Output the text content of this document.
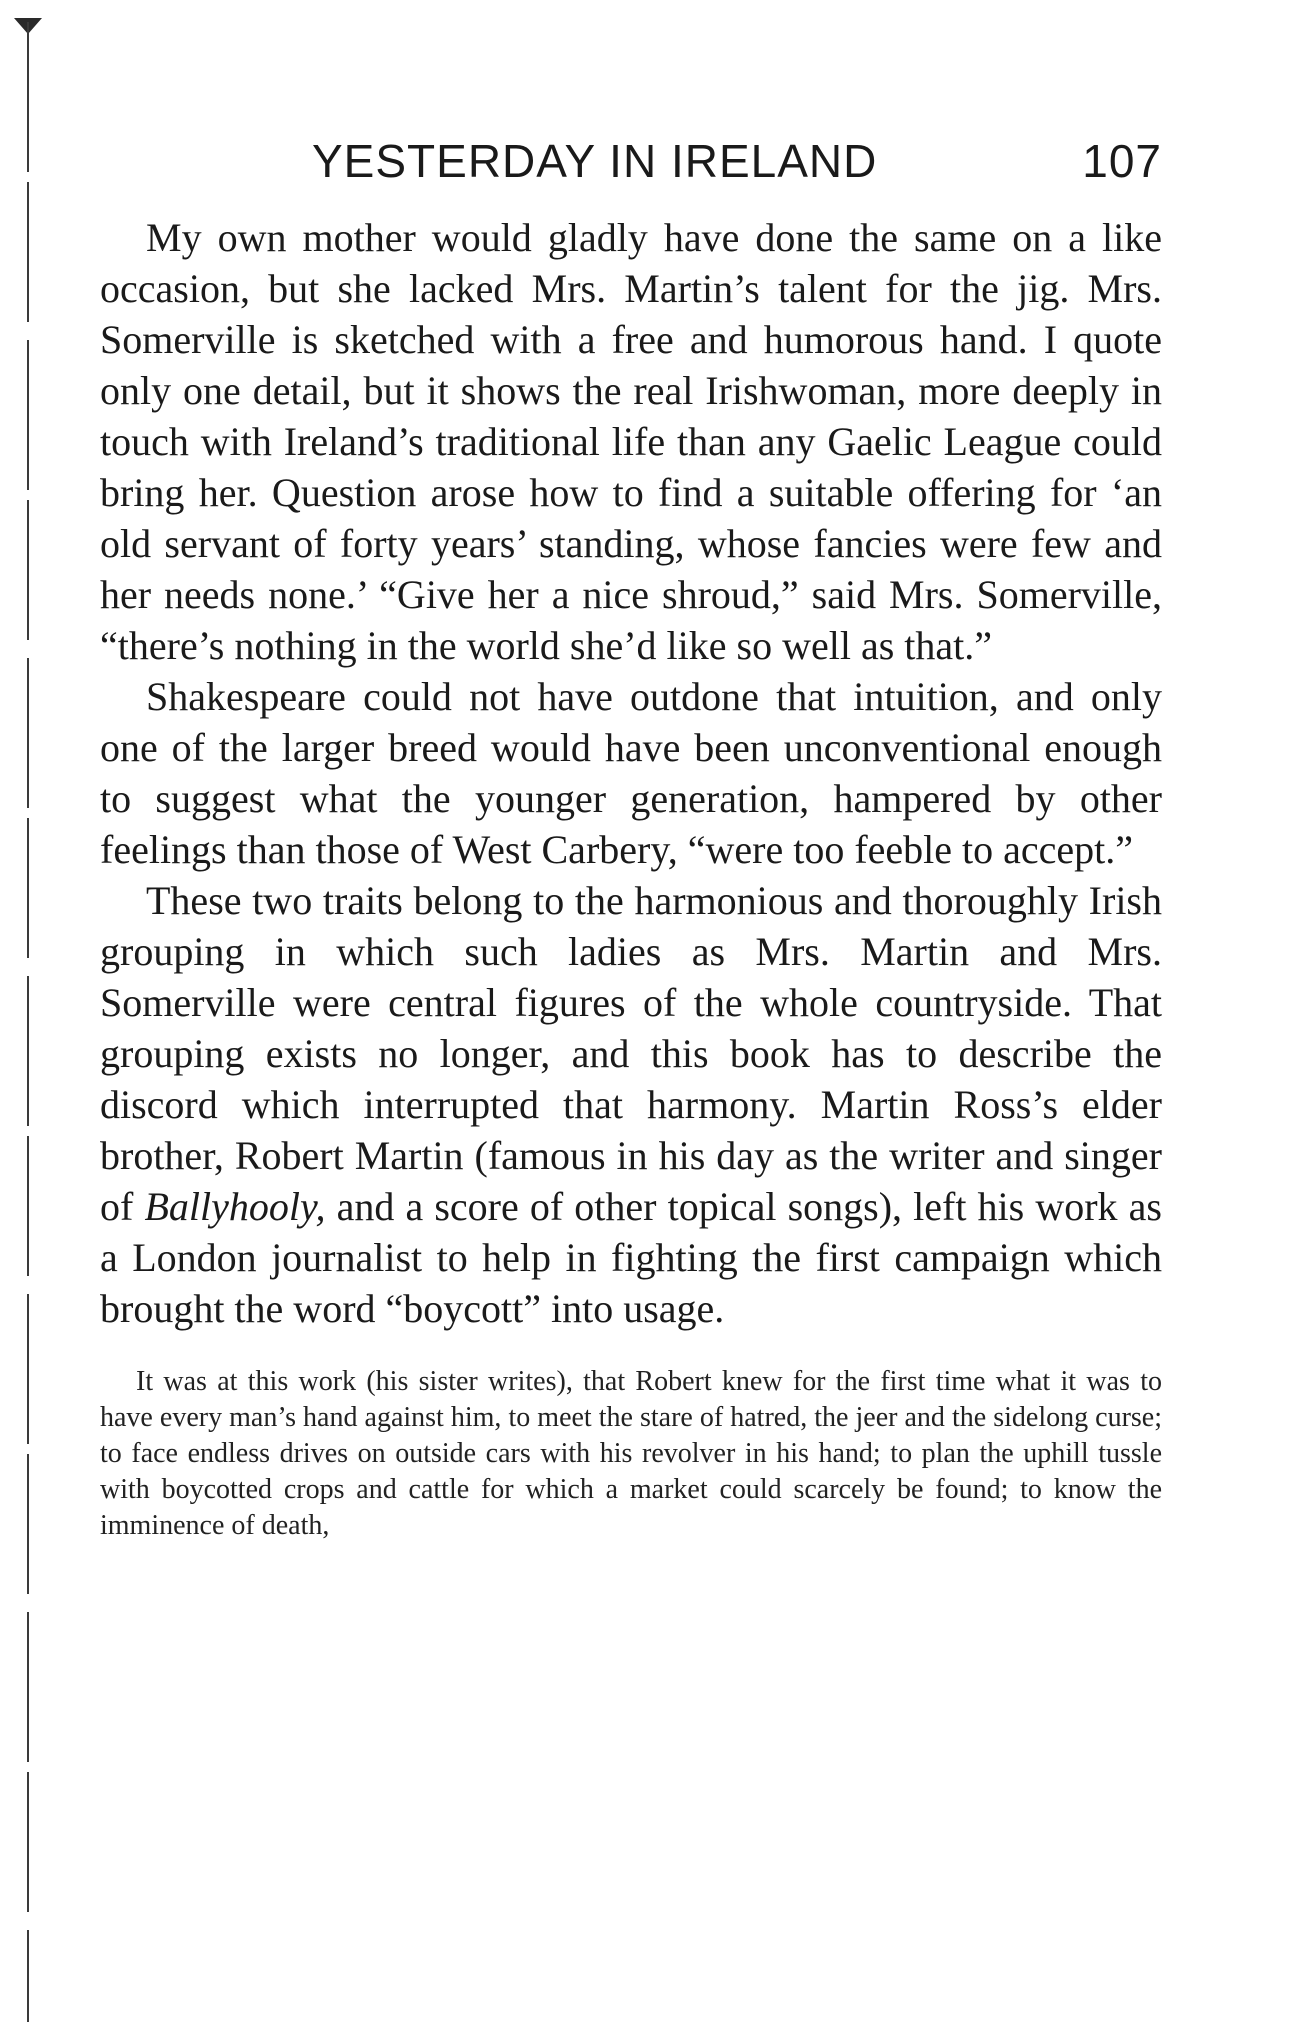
YESTERDAY IN IRELAND	107

My own mother would gladly have done the same on a like occasion, but she lacked Mrs. Martin’s talent for the jig. Mrs. Somerville is sketched with a free and humorous hand. I quote only one detail, but it shows the real Irishwoman, more deeply in touch with Ireland’s traditional life than any Gaelic League could bring her. Question arose how to find a suitable offering for ‘an old servant of forty years’ standing, whose fancies were few and her needs none.’ “Give her a nice shroud,” said Mrs. Somerville, “there’s nothing in the world she’d like so well as that.”

Shakespeare could not have outdone that intuition, and only one of the larger breed would have been unconventional enough to suggest what the younger generation, hampered by other feelings than those of West Carbery, “were too feeble to accept.”

These two traits belong to the harmonious and thoroughly Irish grouping in which such ladies as Mrs. Martin and Mrs. Somerville were central figures of the whole countryside. That grouping exists no longer, and this book has to describe the discord which interrupted that harmony. Martin Ross’s elder brother, Robert Martin (famous in his day as the writer and singer of Ballyhooly, and a score of other topical songs), left his work as a London journalist to help in fighting the first campaign which brought the word “boycott” into usage.

It was at this work (his sister writes), that Robert knew for the first time what it was to have every man’s hand against him, to meet the stare of hatred, the jeer and the sidelong curse; to face endless drives on outside cars with his revolver in his hand; to plan the uphill tussle with boycotted crops and cattle for which a market could scarcely be found; to know the imminence of death,
